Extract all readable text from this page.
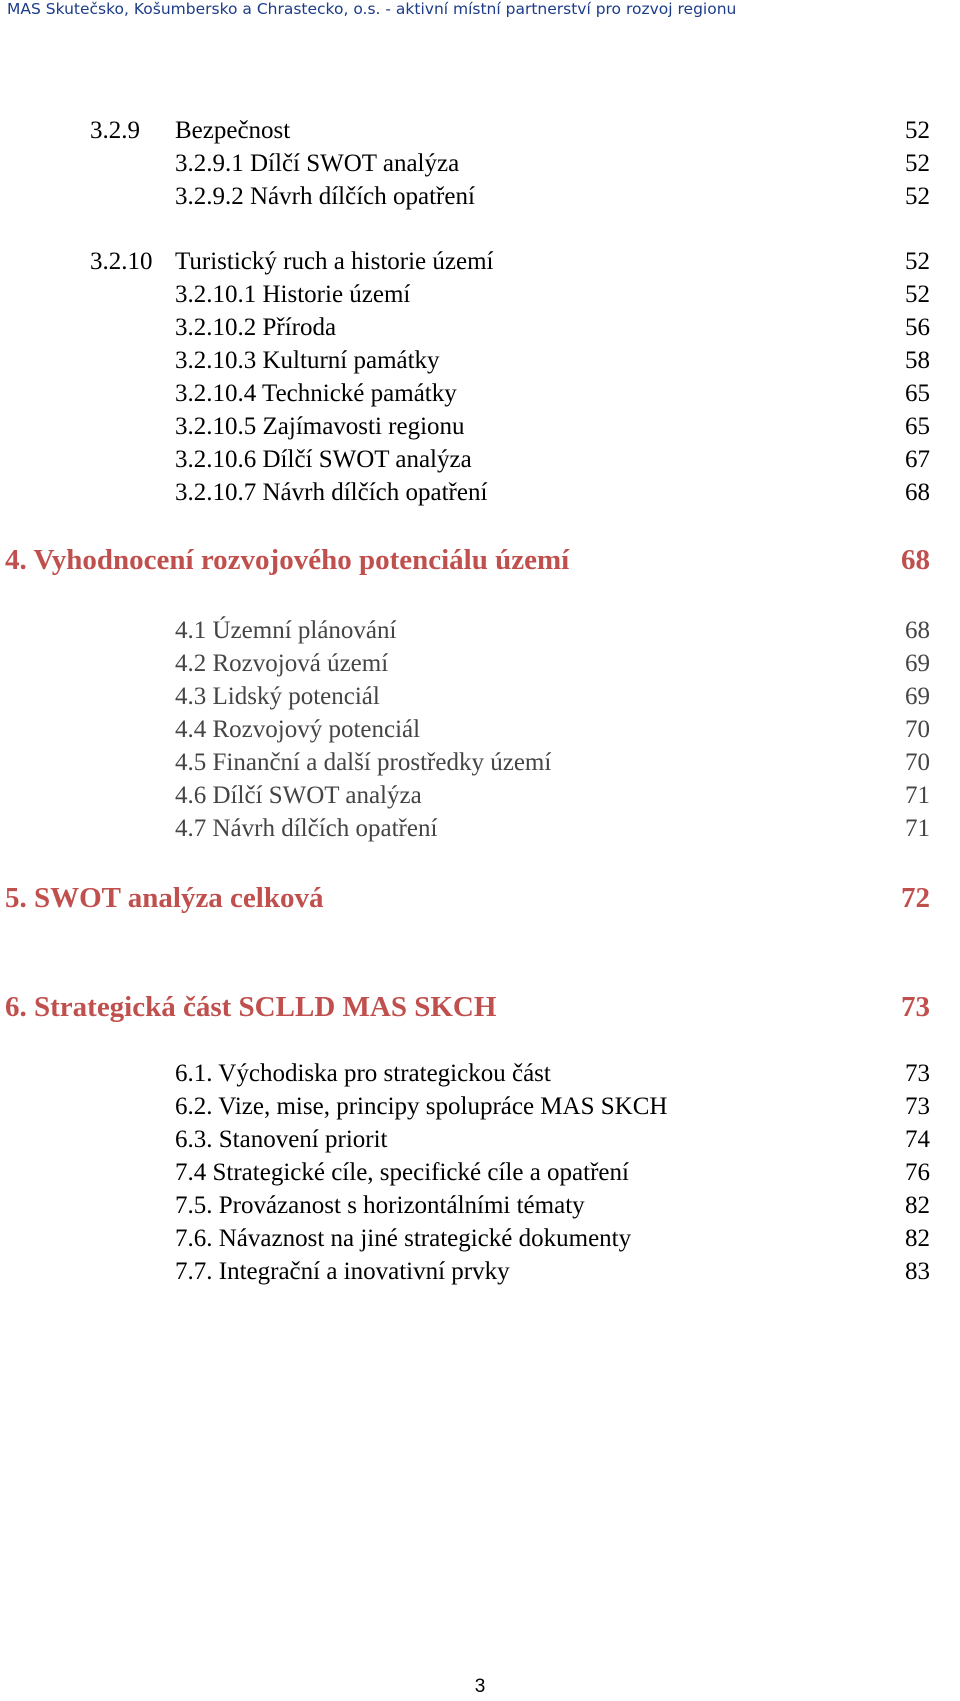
MAS Skutečsko, Košumbersko a Chrastecko, o.s. - aktivní místní partnerství pro rozvoj regionu
3.2.9 Bezpečnost	52
3.2.9.1 Dílčí SWOT analýza	52
3.2.9.2 Návrh dílčích opatření	52
3.2.10 Turistický ruch a historie území	52
3.2.10.1 Historie území	52
3.2.10.2 Příroda	56
3.2.10.3 Kulturní památky	58
3.2.10.4 Technické památky	65
3.2.10.5 Zajímavosti regionu	65
3.2.10.6 Dílčí SWOT analýza	67
3.2.10.7 Návrh dílčích opatření	68
4. Vyhodnocení rozvojového potenciálu území	68
4.1 Územní plánování	68
4.2 Rozvojová území	69
4.3 Lidský potenciál	69
4.4 Rozvojový potenciál	70
4.5 Finanční a další prostředky území	70
4.6 Dílčí SWOT analýza	71
4.7 Návrh dílčích opatření	71
5. SWOT analýza celková	72
6. Strategická část SCLLD MAS SKCH	73
6.1. Východiska pro strategickou část	73
6.2. Vize, mise, principy spolupráce MAS SKCH	73
6.3. Stanovení priorit	74
7.4 Strategické cíle, specifické cíle a opatření	76
7.5. Provázanost s horizontálními tématy	82
7.6. Návaznost na jiné strategické dokumenty	82
7.7. Integrační a inovativní prvky	83
3
